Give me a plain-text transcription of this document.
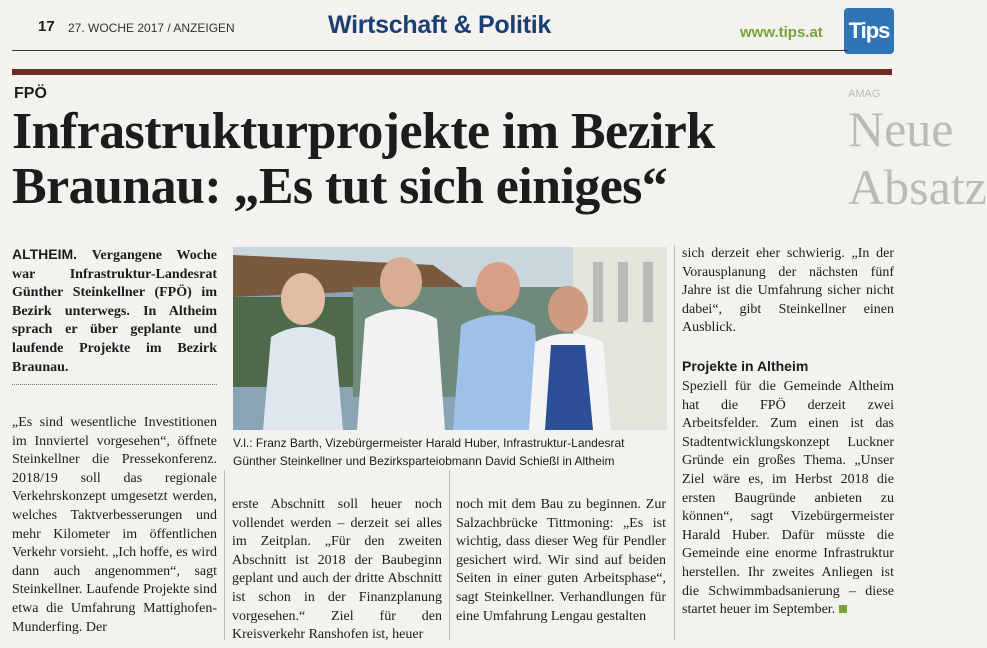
17 27. WOCHE 2017 / ANZEIGEN	Wirtschaft & Politik	www.tips.at Tips
AMAG
Neue
Absatz
FPÖ
Infrastrukturprojekte im Bezirk
Braunau: „Es tut sich einiges“

ALTHEIM. Vergangene Woche war Infrastruktur-Landesrat Günther Steinkellner (FPÖ) im Bezirk unterwegs. In Altheim sprach er über geplante und laufende Projekte im Bezirk Braunau.

„Es sind wesentliche Investitionen im Innviertel vorgesehen“, öffnete Steinkellner die Pressekonferenz. 2018/19 soll das regionale Verkehrskonzept umgesetzt werden, welches Taktverbesserungen und mehr Kilometer im öffentlichen Verkehr vorsieht. „Ich hoffe, es wird dann auch angenommen“, sagt Steinkellner. Laufende Projekte sind etwa die Umfahrung Mattighofen-Munderfing. Der

erste Abschnitt soll heuer noch vollendet werden – derzeit sei alles im Zeitplan. „Für den zweiten Abschnitt ist 2018 der Baubeginn geplant und auch der dritte Abschnitt ist schon in der Finanzplanung vorgesehen.“ Ziel für den Kreisverkehr Ranshofen ist, heuer

noch mit dem Bau zu beginnen. Zur Salzachbrücke Tittmoning: „Es ist wichtig, dass dieser Weg für Pendler gesichert wird. Wir sind auf beiden Seiten in einer guten Arbeitsphase“, sagt Steinkellner. Verhandlungen für eine Umfahrung Lengau gestalten

sich derzeit eher schwierig. „In der Vorausplanung der nächsten fünf Jahre ist die Umfahrung sicher nicht dabei“, gibt Steinkellner einen Ausblick.

Projekte in Altheim

Speziell für die Gemeinde Altheim hat die FPÖ derzeit zwei Arbeitsfelder. Zum einen ist das Stadtentwicklungskonzept Luckner Gründe ein großes Thema. „Unser Ziel wäre es, im Herbst 2018 die ersten Baugründe anbieten zu können“, sagt Vizebürgermeister Harald Huber. Dafür müsste die Gemeinde eine enorme Infrastruktur herstellen. Ihr zweites Anliegen ist die Schwimmbadsanierung – diese startet heuer im September.

V.l.: Franz Barth, Vizebürgermeister Harald Huber, Infrastruktur-Landesrat Günther Steinkellner und Bezirksparteiobmann David Schießl in Altheim
